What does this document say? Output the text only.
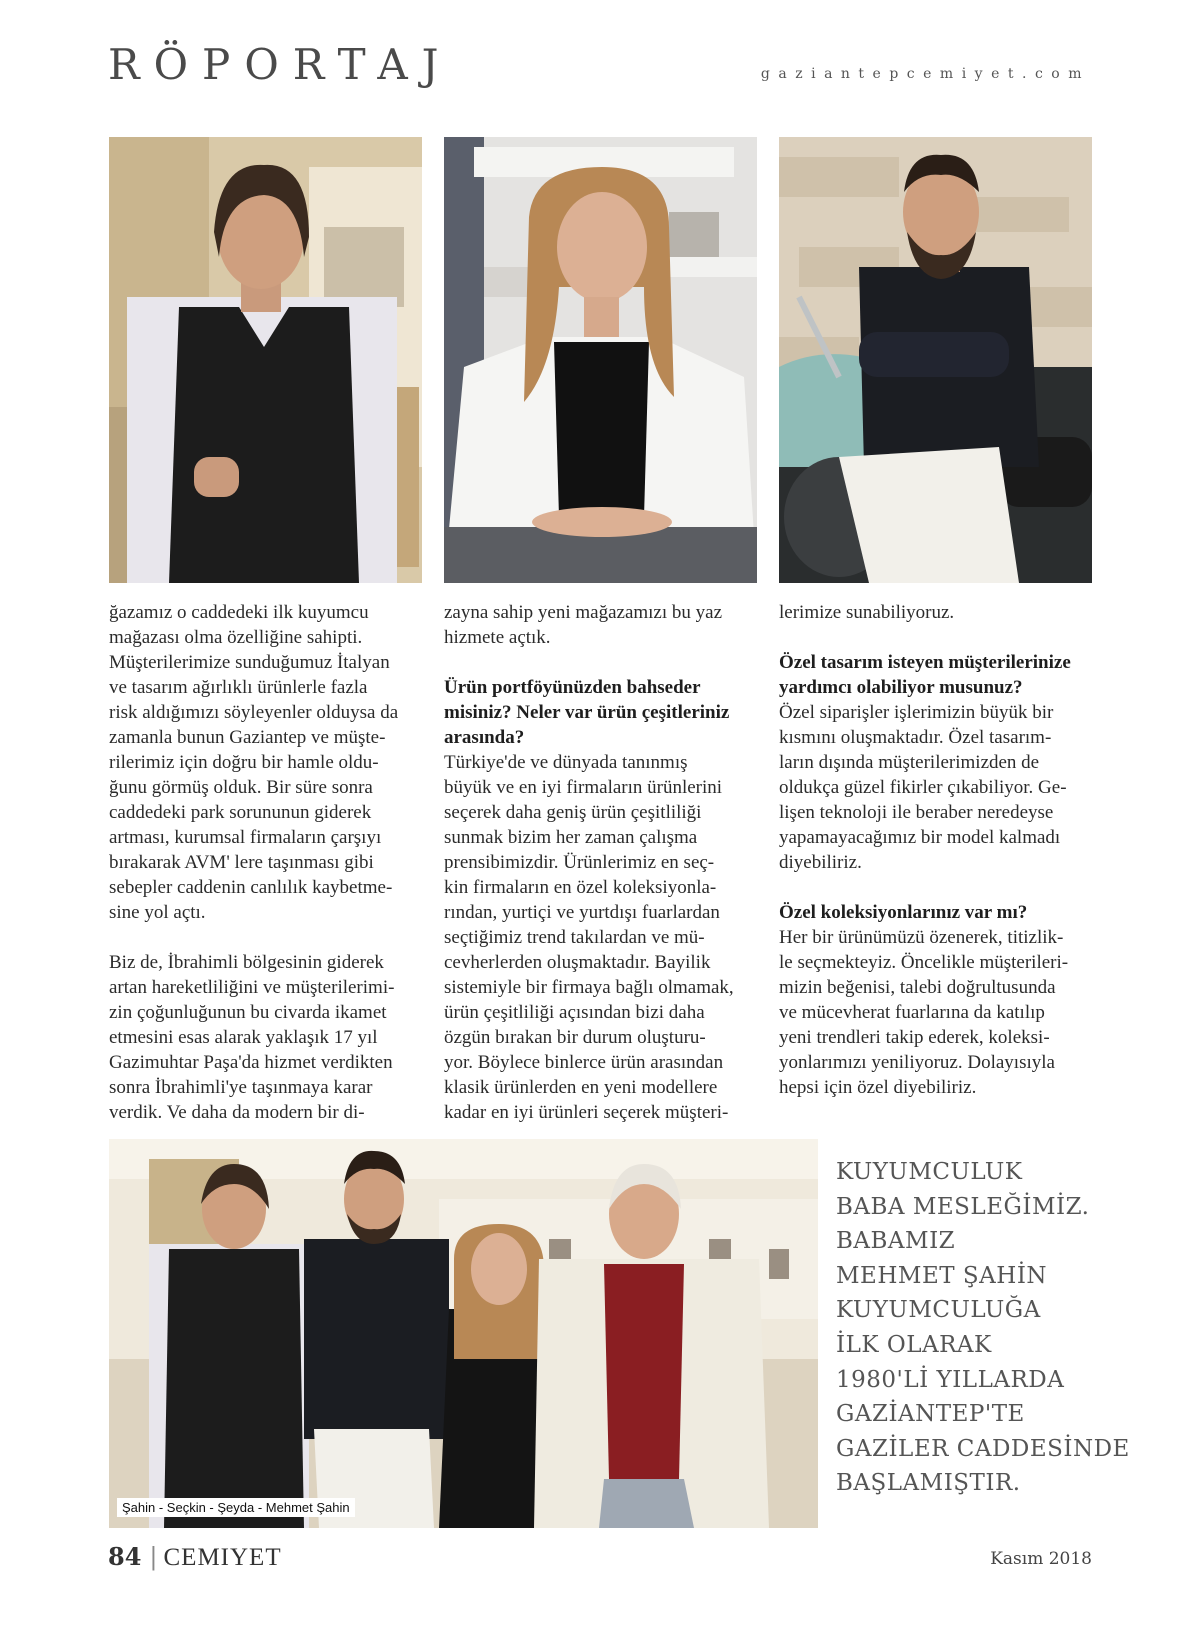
RÖPORTAJ	gaziantepcemiyet.com

ğazamız o caddedeki ilk kuyumcu
mağazası olma özelliğine sahipti.
Müşterilerimize sunduğumuz İtalyan
ve tasarım ağırlıklı ürünlerle fazla
risk aldığımızı söyleyenler olduysa da
zamanla bunun Gaziantep ve müşte-
rilerimiz için doğru bir hamle oldu-
ğunu görmüş olduk. Bir süre sonra
caddedeki park sorununun giderek
artması, kurumsal firmaların çarşıyı
bırakarak AVM' lere taşınması gibi
sebepler caddenin canlılık kaybetme-
sine yol açtı.

Biz de, İbrahimli bölgesinin giderek
artan hareketliliğini ve müşterilerimi-
zin çoğunluğunun bu civarda ikamet
etmesini esas alarak yaklaşık 17 yıl
Gazimuhtar Paşa'da hizmet verdikten
sonra İbrahimli'ye taşınmaya karar
verdik. Ve daha da modern bir di-

zayna sahip yeni mağazamızı bu yaz
hizmete açtık.

Ürün portföyünüzden bahseder
misiniz? Neler var ürün çeşitleriniz
arasında?

Türkiye'de ve dünyada tanınmış
büyük ve en iyi firmaların ürünlerini
seçerek daha geniş ürün çeşitliliği
sunmak bizim her zaman çalışma
prensibimizdir. Ürünlerimiz en seç-
kin firmaların en özel koleksiyonla-
rından, yurtiçi ve yurtdışı fuarlardan
seçtiğimiz trend takılardan ve mü-
cevherlerden oluşmaktadır. Bayilik
sistemiyle bir firmaya bağlı olmamak,
ürün çeşitliliği açısından bizi daha
özgün bırakan bir durum oluşturu-
yor. Böylece binlerce ürün arasından
klasik ürünlerden en yeni modellere
kadar en iyi ürünleri seçerek müşteri-

lerimize sunabiliyoruz.

Özel tasarım isteyen müşterilerinize
yardımcı olabiliyor musunuz?

Özel siparişler işlerimizin büyük bir
kısmını oluşmaktadır. Özel tasarım-
ların dışında müşterilerimizden de
oldukça güzel fikirler çıkabiliyor. Ge-
lişen teknoloji ile beraber neredeyse
yapamayacağımız bir model kalmadı
diyebiliriz.

Özel koleksiyonlarınız var mı?

Her bir ürünümüzü özenerek, titizlik-
le seçmekteyiz. Öncelikle müşterileri-
mizin beğenisi, talebi doğrultusunda
ve mücevherat fuarlarına da katılıp
yeni trendleri takip ederek, koleksi-
yonlarımızı yeniliyoruz. Dolayısıyla
hepsi için özel diyebiliriz.

Şahin - Seçkin - Şeyda - Mehmet Şahin
KUYUMCULUK
BABA MESLEĞİMİZ.
BABAMIZ
MEHMET ŞAHİN
KUYUMCULUĞA
İLK OLARAK
1980'Lİ YILLARDA
GAZİANTEP'TE
GAZİLER CADDESİNDE
BAŞLAMIŞTIR.
84 | CEMIYET	Kasım 2018
